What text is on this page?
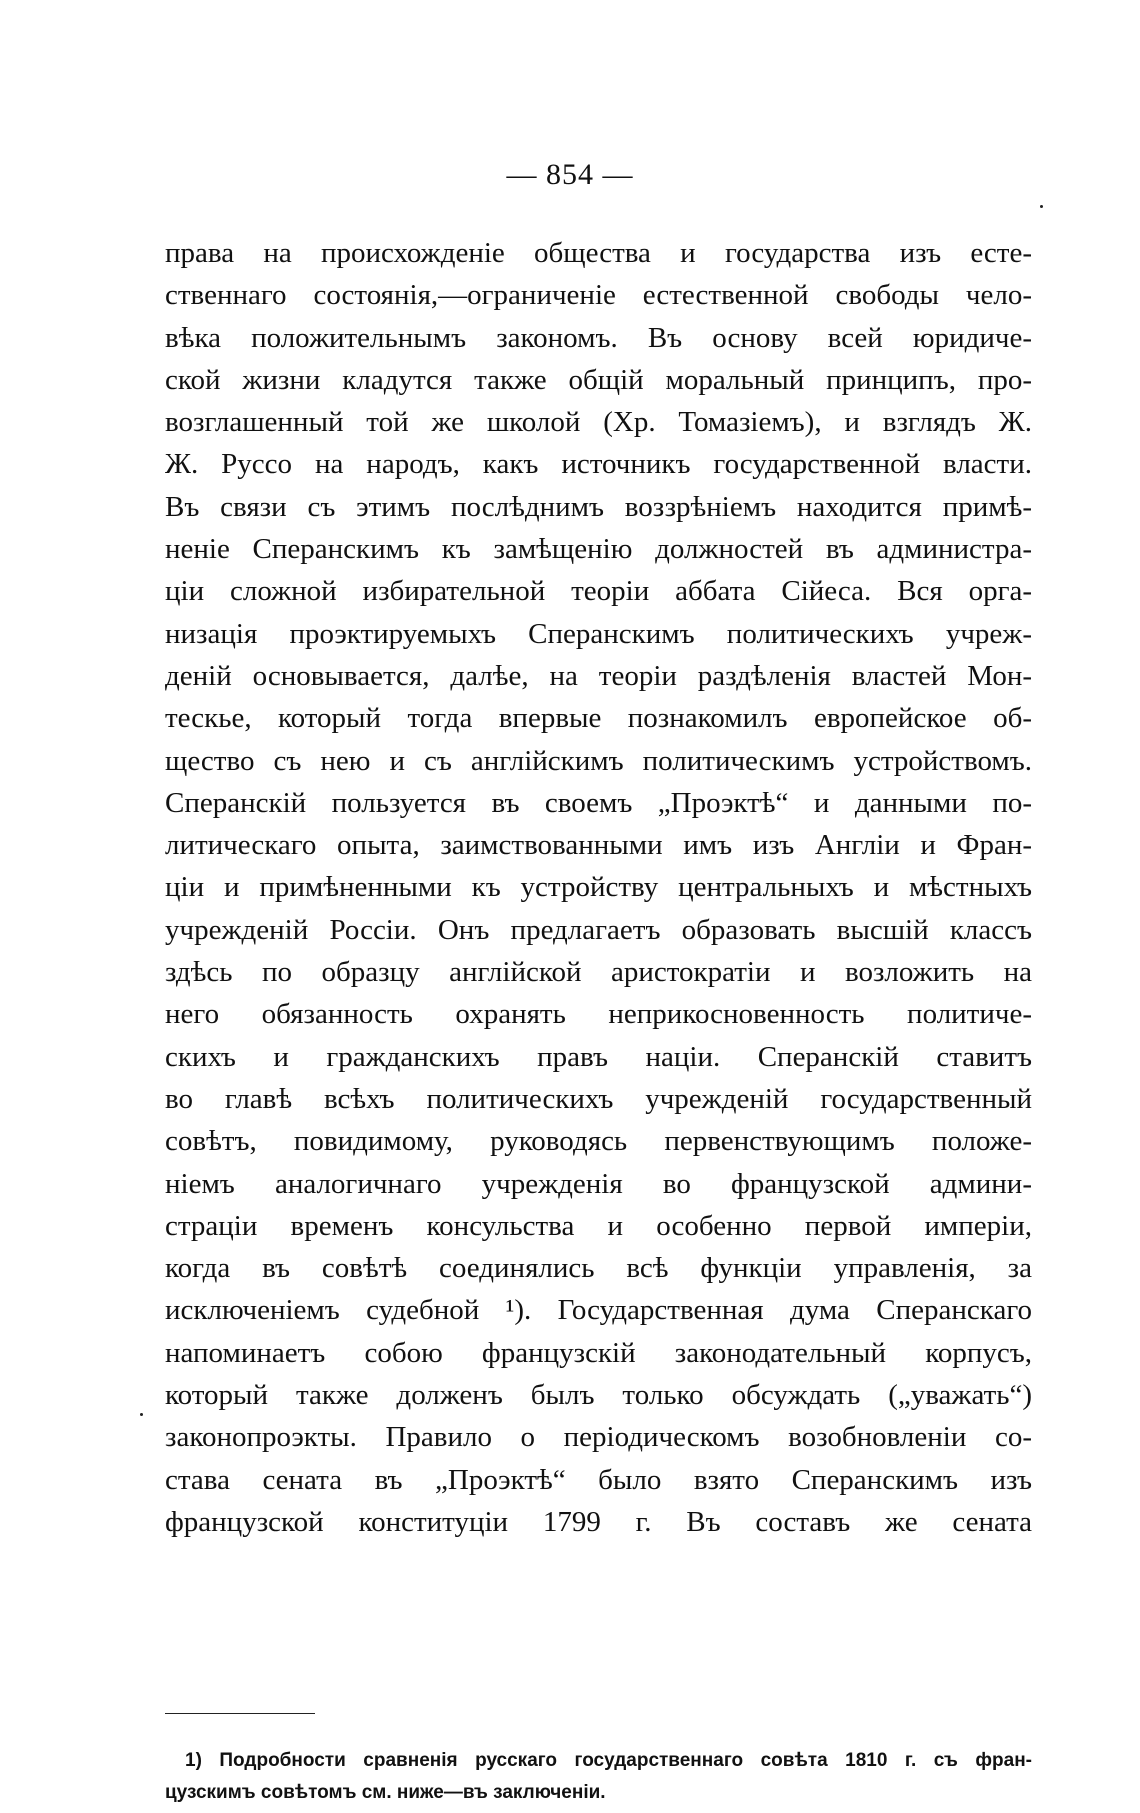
— 854 —
права на происхожденіе общества и государства изъ есте-
ственнаго состоянія,—ограниченіе естественной свободы чело-
вѣка положительнымъ закономъ. Въ основу всей юридиче-
ской жизни кладутся также общій моральный принципъ, про-
возглашенный той же школой (Хр. Томазіемъ), и взглядъ Ж.
Ж. Руссо на народъ, какъ источникъ государственной власти.
Въ связи съ этимъ послѣднимъ воззрѣніемъ находится примѣ-
неніе Сперанскимъ къ замѣщенію должностей въ администра-
ціи сложной избирательной теоріи аббата Сійеса. Вся орга-
низація проэктируемыхъ Сперанскимъ политическихъ учреж-
деній основывается, далѣе, на теоріи раздѣленія властей Мон-
тескье, который тогда впервые познакомилъ европейское об-
щество съ нею и съ англійскимъ политическимъ устройствомъ.
Сперанскій пользуется въ своемъ „Проэктѣ“ и данными по-
литическаго опыта, заимствованными имъ изъ Англіи и Фран-
ціи и примѣненными къ устройству центральныхъ и мѣстныхъ
учрежденій Россіи. Онъ предлагаетъ образовать высшій классъ
здѣсь по образцу англійской аристократіи и возложить на
него обязанность охранять неприкосновенность политиче-
скихъ и гражданскихъ правъ націи. Сперанскій ставитъ
во главѣ всѣхъ политическихъ учрежденій государственный
совѣтъ, повидимому, руководясь первенствующимъ положе-
ніемъ аналогичнаго учрежденія во французской админи-
страціи временъ консульства и особенно первой имперіи,
когда въ совѣтѣ соединялись всѣ функціи управленія, за
исключеніемъ судебной ¹). Государственная дума Сперанскаго
напоминаетъ собою французскій законодательный корпусъ,
который также долженъ былъ только обсуждать („уважать“)
законопроэкты. Правило о періодическомъ возобновленіи со-
става сената въ „Проэктѣ“ было взято Сперанскимъ изъ
французской конституціи 1799 г. Въ составъ же сената
1) Подробности сравненія русскаго государственнаго совѣта 1810 г. съ фран-
цузскимъ совѣтомъ см. ниже—въ заключеніи.
